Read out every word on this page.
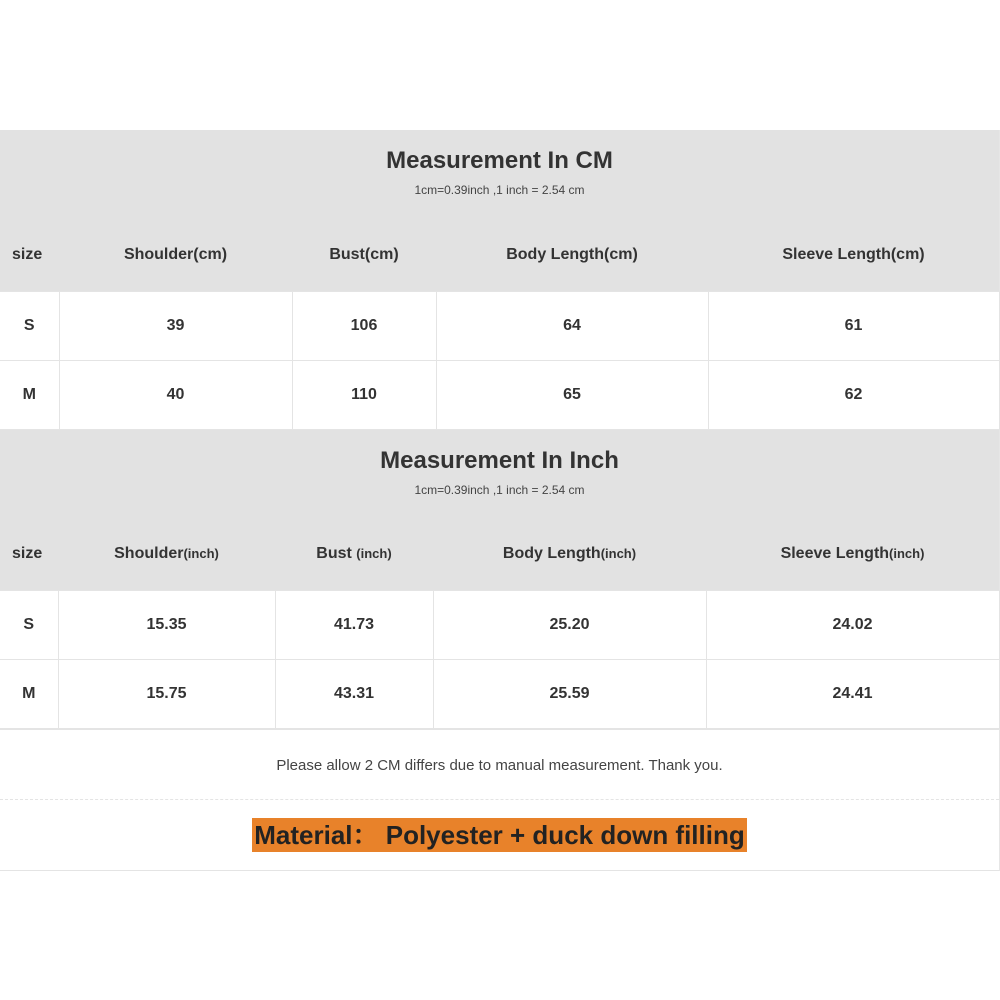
Measurement In CM
1cm=0.39inch ,1 inch = 2.54 cm
size	Shoulder(cm)	Bust(cm)	Body Length(cm)	Sleeve Length(cm)
S	39	106	64	61
M	40	110	65	62
Measurement In Inch
1cm=0.39inch ,1 inch = 2.54 cm
size	Shoulder(inch)	Bust (inch)	Body Length(inch)	Sleeve Length(inch)
S	15.35	41.73	25.20	24.02
M	15.75	43.31	25.59	24.41
Please allow 2 CM differs due to manual measurement. Thank you.
Material： Polyester + duck down filling
